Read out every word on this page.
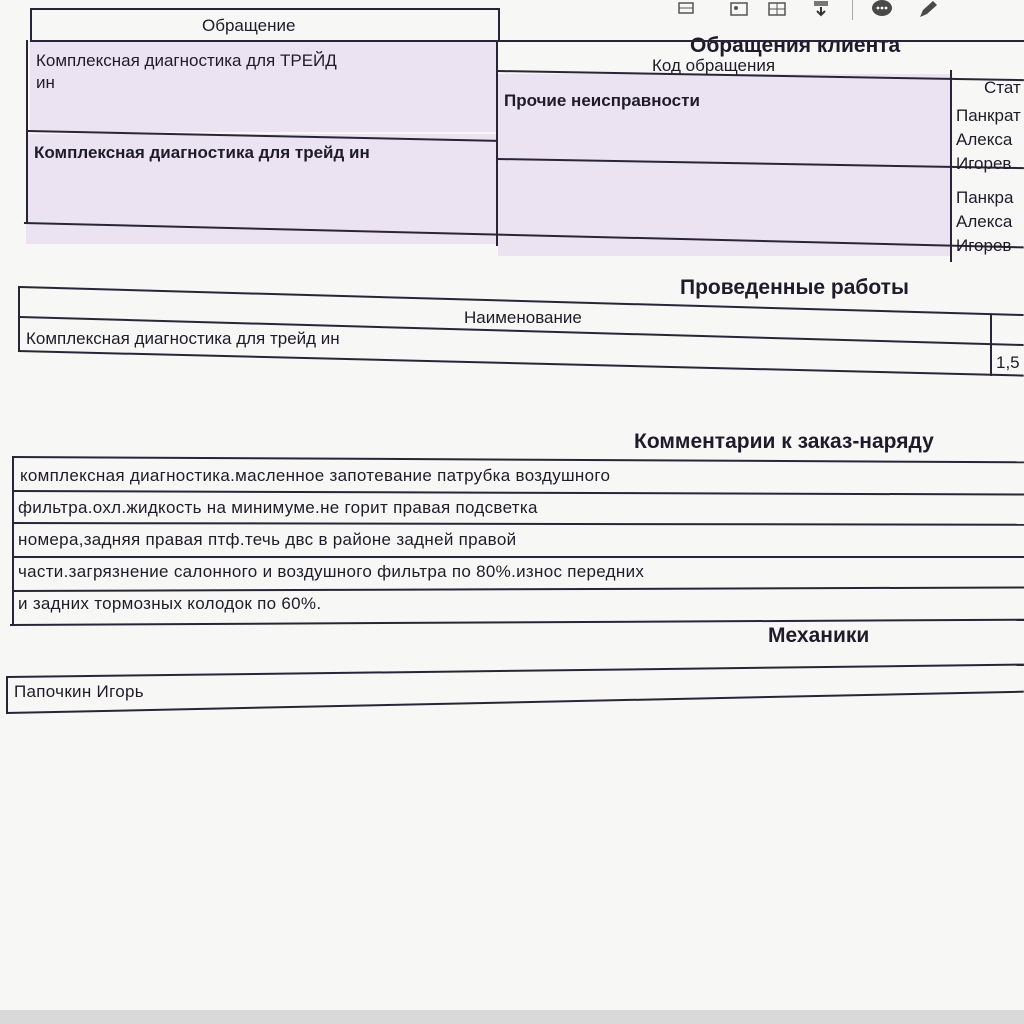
Обращения клиента
Обращение
Код обращения
Стат
Комплексная диагностика для ТРЕЙД
ин
Прочие неисправности
Панкрат
Алекса
Игорев
Комплексная диагностика для трейд ин
Панкра
Алекса
Игорев
Проведенные работы
Наименование
Комплексная диагностика для трейд ин
1,5
Комментарии к заказ-наряду
комплексная диагностика.масленное запотевание патрубка воздушного
фильтра.охл.жидкость на минимуме.не горит правая подсветка
номера,задняя правая птф.течь двс в районе задней правой
части.загрязнение салонного и воздушного фильтра по 80%.износ передних
и задних тормозных колодок по 60%.
Механики
Папочкин Игорь
